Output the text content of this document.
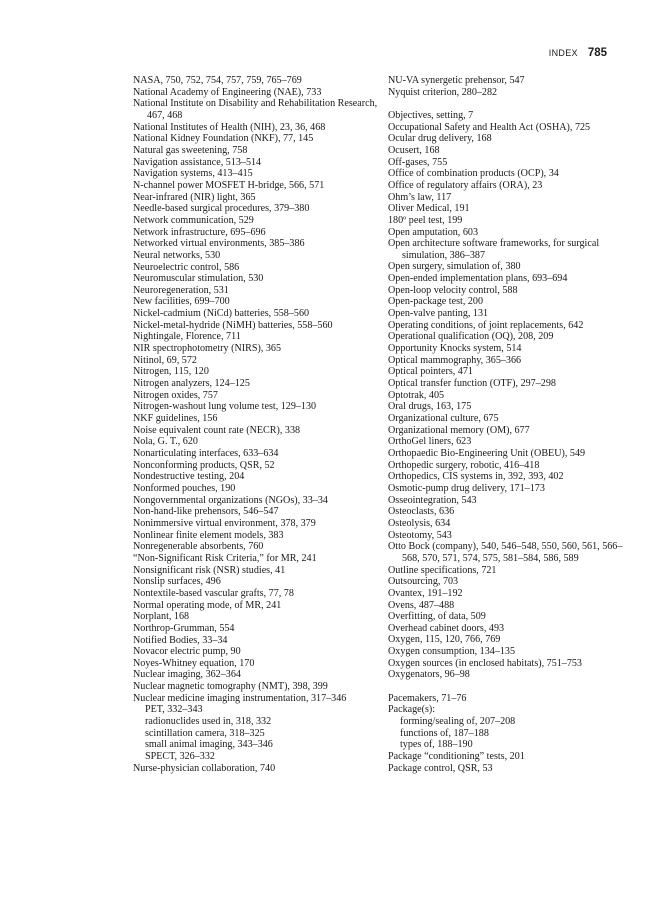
INDEX 785
NASA, 750, 752, 754, 757, 759, 765–769
National Academy of Engineering (NAE), 733
National Institute on Disability and Rehabilitation Research, 467, 468
National Institutes of Health (NIH), 23, 36, 468
National Kidney Foundation (NKF), 77, 145
Natural gas sweetening, 758
Navigation assistance, 513–514
Navigation systems, 413–415
N-channel power MOSFET H-bridge, 566, 571
Near-infrared (NIR) light, 365
Needle-based surgical procedures, 379–380
Network communication, 529
Network infrastructure, 695–696
Networked virtual environments, 385–386
Neural networks, 530
Neuroelectric control, 586
Neuromuscular stimulation, 530
Neuroregeneration, 531
New facilities, 699–700
Nickel-cadmium (NiCd) batteries, 558–560
Nickel-metal-hydride (NiMH) batteries, 558–560
Nightingale, Florence, 711
NIR spectrophotometry (NIRS), 365
Nitinol, 69, 572
Nitrogen, 115, 120
Nitrogen analyzers, 124–125
Nitrogen oxides, 757
Nitrogen-washout lung volume test, 129–130
NKF guidelines, 156
Noise equivalent count rate (NECR), 338
Nola, G. T., 620
Nonarticulating interfaces, 633–634
Nonconforming products, QSR, 52
Nondestructive testing, 204
Nonformed pouches, 190
Nongovernmental organizations (NGOs), 33–34
Non-hand-like prehensors, 546–547
Nonimmersive virtual environment, 378, 379
Nonlinear finite element models, 383
Nonregenerable absorbents, 760
“Non-Significant Risk Criteria,” for MR, 241
Nonsignificant risk (NSR) studies, 41
Nonslip surfaces, 496
Nontextile-based vascular grafts, 77, 78
Normal operating mode, of MR, 241
Norplant, 168
Northrop-Grumman, 554
Notified Bodies, 33–34
Novacor electric pump, 90
Noyes-Whitney equation, 170
Nuclear imaging, 362–364
Nuclear magnetic tomography (NMT), 398, 399
Nuclear medicine imaging instrumentation, 317–346
PET, 332–343
radionuclides used in, 318, 332
scintillation camera, 318–325
small animal imaging, 343–346
SPECT, 326–332
Nurse-physician collaboration, 740
NU-VA synergetic prehensor, 547
Nyquist criterion, 280–282
Objectives, setting, 7
Occupational Safety and Health Act (OSHA), 725
Ocular drug delivery, 168
Ocusert, 168
Off-gases, 755
Office of combination products (OCP), 34
Office of regulatory affairs (ORA), 23
Ohm’s law, 117
Oliver Medical, 191
180º peel test, 199
Open amputation, 603
Open architecture software frameworks, for surgical simulation, 386–387
Open surgery, simulation of, 380
Open-ended implementation plans, 693–694
Open-loop velocity control, 588
Open-package test, 200
Open-valve panting, 131
Operating conditions, of joint replacements, 642
Operational qualification (OQ), 208, 209
Opportunity Knocks system, 514
Optical mammography, 365–366
Optical pointers, 471
Optical transfer function (OTF), 297–298
Optotrak, 405
Oral drugs, 163, 175
Organizational culture, 675
Organizational memory (OM), 677
OrthoGel liners, 623
Orthopaedic Bio-Engineering Unit (OBEU), 549
Orthopedic surgery, robotic, 416–418
Orthopedics, CIS systems in, 392, 393, 402
Osmotic-pump drug delivery, 171–173
Osseointegration, 543
Osteoclasts, 636
Osteolysis, 634
Osteotomy, 543
Otto Bock (company), 540, 546–548, 550, 560, 561, 566–568, 570, 571, 574, 575, 581–584, 586, 589
Outline specifications, 721
Outsourcing, 703
Ovantex, 191–192
Ovens, 487–488
Overfitting, of data, 509
Overhead cabinet doors, 493
Oxygen, 115, 120, 766, 769
Oxygen consumption, 134–135
Oxygen sources (in enclosed habitats), 751–753
Oxygenators, 96–98
Pacemakers, 71–76
Package(s):
forming/sealing of, 207–208
functions of, 187–188
types of, 188–190
Package “conditioning” tests, 201
Package control, QSR, 53
